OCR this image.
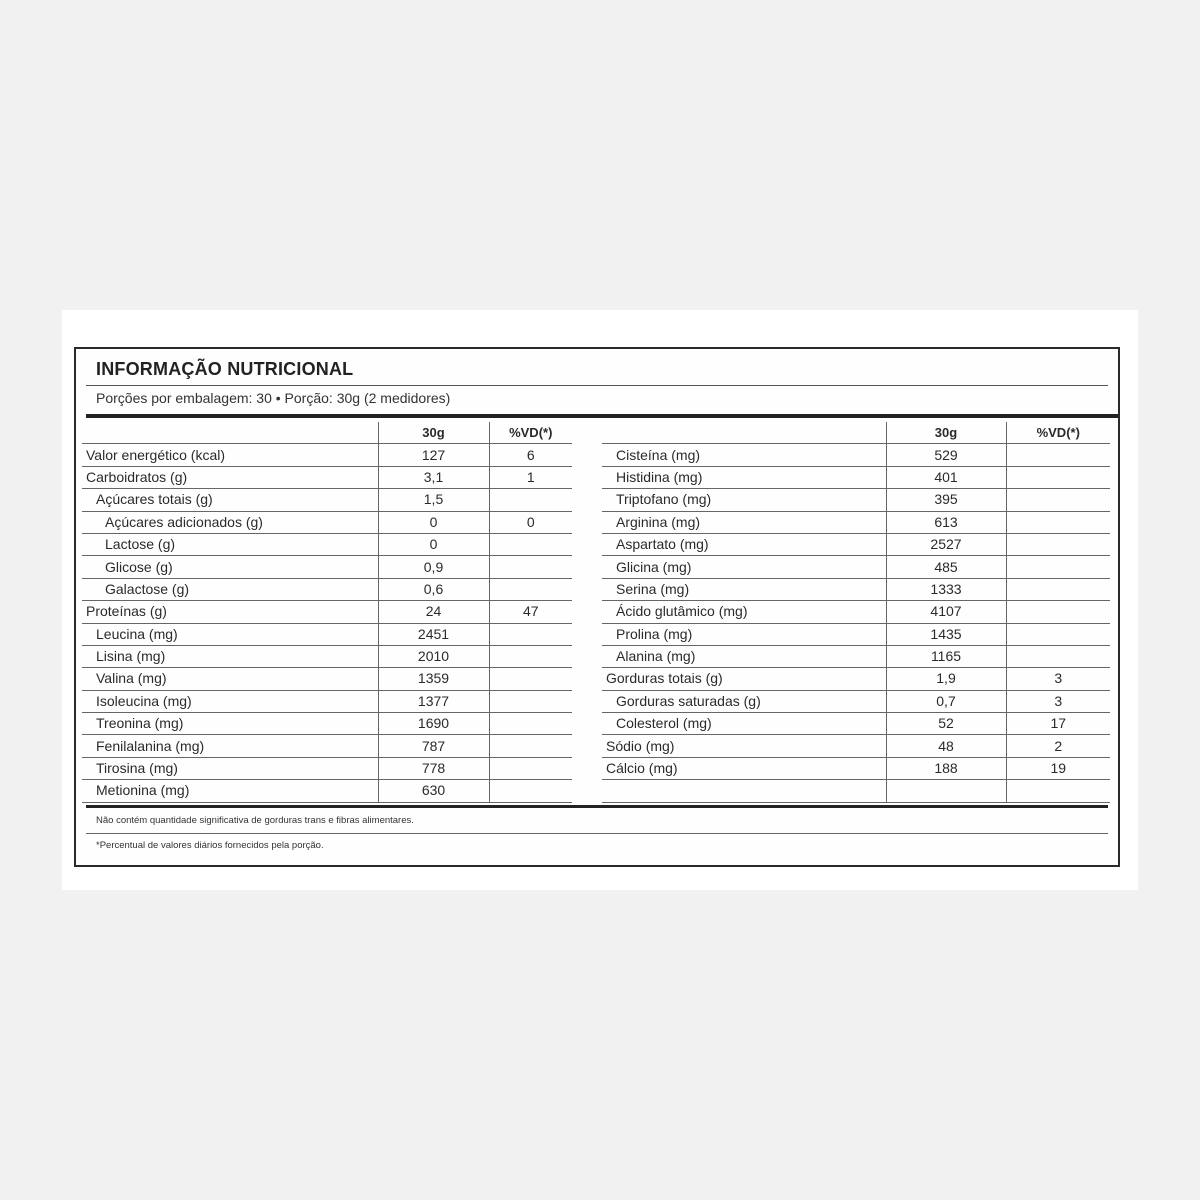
INFORMAÇÃO NUTRICIONAL
Porções por embalagem: 30 • Porção: 30g (2 medidores)
	30g	%VD(*)
Valor energético (kcal)	127	6
Carboidratos (g)	3,1	1
Açúcares totais (g)	1,5	
Açúcares adicionados (g)	0	0
Lactose (g)	0	
Glicose (g)	0,9	
Galactose (g)	0,6	
Proteínas (g)	24	47
Leucina (mg)	2451	
Lisina (mg)	2010	
Valina (mg)	1359	
Isoleucina (mg)	1377	
Treonina (mg)	1690	
Fenilalanina (mg)	787	
Tirosina (mg)	778	
Metionina (mg)	630	
	30g	%VD(*)
Cisteína (mg)	529	
Histidina (mg)	401	
Triptofano (mg)	395	
Arginina (mg)	613	
Aspartato (mg)	2527	
Glicina (mg)	485	
Serina (mg)	1333	
Ácido glutâmico (mg)	4107	
Prolina (mg)	1435	
Alanina (mg)	1165	
Gorduras totais (g)	1,9	3
Gorduras saturadas (g)	0,7	3
Colesterol (mg)	52	17
Sódio (mg)	48	2
Cálcio (mg)	188	19

Não contém quantidade significativa de gorduras trans e fibras alimentares.
*Percentual de valores diários fornecidos pela porção.
